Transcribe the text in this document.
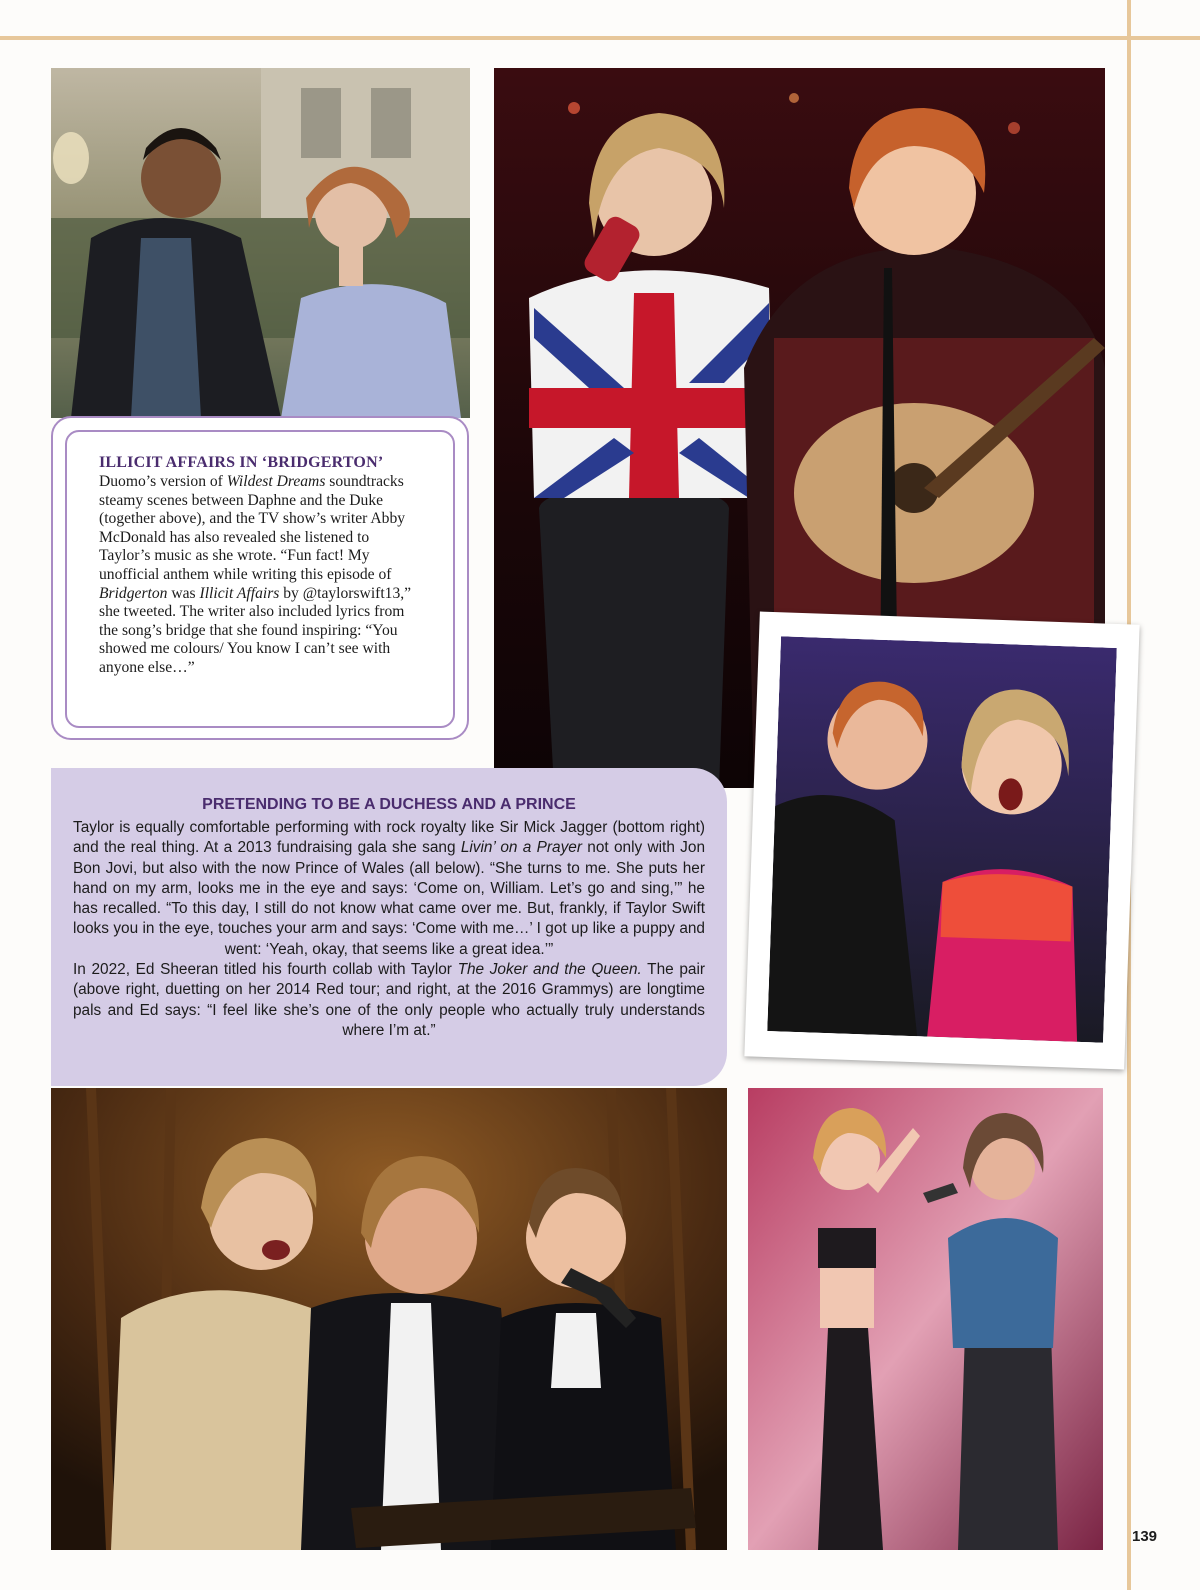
ILLICIT AFFAIRS IN ‘BRIDGERTON’
Duomo’s version of Wildest Dreams soundtracks steamy scenes between Daphne and the Duke (together above), and the TV show’s writer Abby McDonald has also revealed she listened to Taylor’s music as she wrote. “Fun fact! My unofficial anthem while writing this episode of Bridgerton was Illicit Affairs by @taylorswift13,” she tweeted. The writer also included lyrics from the song’s bridge that she found inspiring: “You showed me colours/ You know I can’t see with anyone else…”
PRETENDING TO BE A DUCHESS AND A PRINCE

Taylor is equally comfortable performing with rock royalty like Sir Mick Jagger (bottom right) and the real thing. At a 2013 fundraising gala she sang Livin’ on a Prayer not only with Jon Bon Jovi, but also with the now Prince of Wales (all below). “She turns to me. She puts her hand on my arm, looks me in the eye and says: ‘Come on, William. Let’s go and sing,’” he has recalled. “To this day, I still do not know what came over me. But, frankly, if Taylor Swift looks you in the eye, touches your arm and says: ‘Come with me…’ I got up like a puppy and went: ‘Yeah, okay, that seems like a great idea.’”

In 2022, Ed Sheeran titled his fourth collab with Taylor The Joker and the Queen. The pair (above right, duetting on her 2014 Red tour; and right, at the 2016 Grammys) are longtime pals and Ed says: “I feel like she’s one of the only people who actually truly understands where I’m at.”

139
